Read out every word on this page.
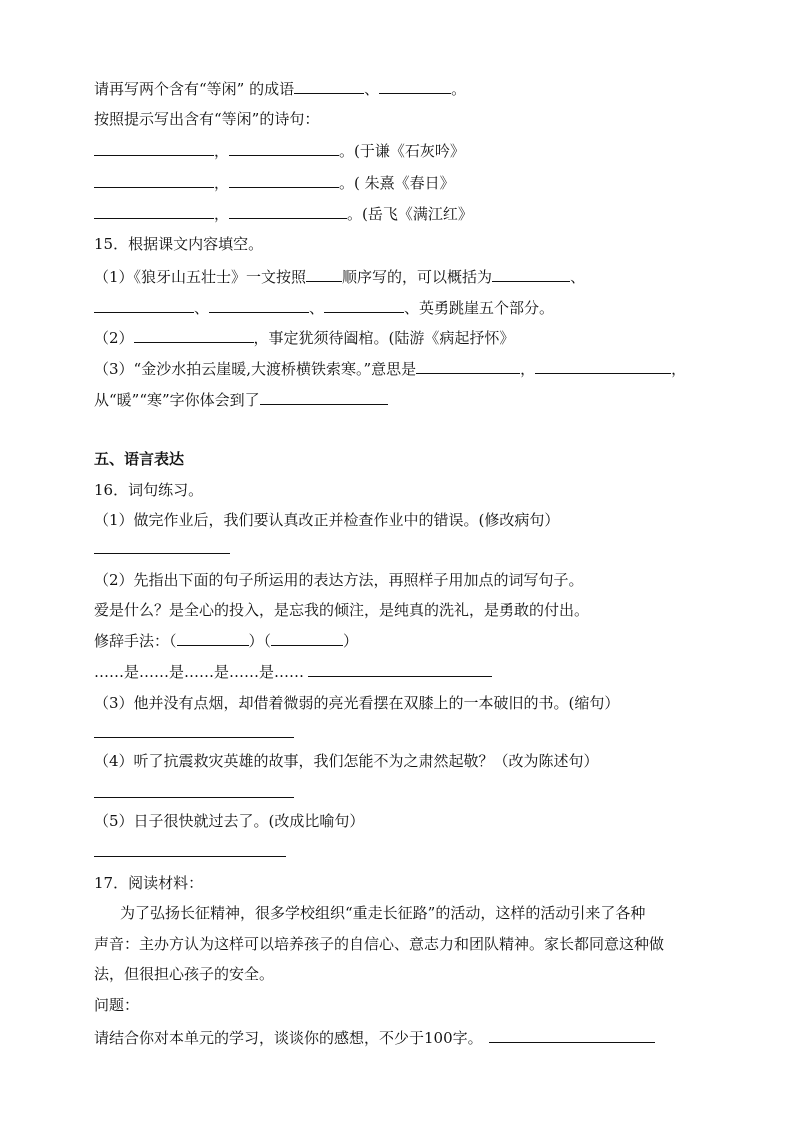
请再写两个含有“等闲” 的成语	、	。
按照提示写出含有“等闲”的诗句：
，	。(于谦《石灰吟》
，	。( 朱熹《春日》
，	。(岳飞《满江红》
15．根据课文内容填空。
（1）《狼牙山五壮士》一文按照 顺序写的，可以概括为	、
、	、	、英勇跳崖五个部分。
（2）	，事定犹须待阖棺。(陆游《病起抒怀》
（3）“金沙水拍云崖暖,大渡桥横铁索寒。”意思是	，	，
从“暖”“寒”字你体会到了
五、语言表达
16．词句练习。
（1）做完作业后，我们要认真改正并检查作业中的错误。(修改病句）
（2）先指出下面的句子所运用的表达方法，再照样子用加点的词写句子。
爱是什么？是全心的投入，是忘我的倾注，是纯真的洗礼，是勇敢的付出。
修辞手法：（	）（	）
……是……是……是……是……
（3）他并没有点烟，却借着微弱的亮光看摆在双膝上的一本破旧的书。(缩句）
（4）听了抗震救灾英雄的故事，我们怎能不为之肃然起敬？（改为陈述句）
（5）日子很快就过去了。(改成比喻句）
17．阅读材料：
为了弘扬长征精神，很多学校组织“重走长征路”的活动，这样的活动引来了各种
声音：主办方认为这样可以培养孩子的自信心、意志力和团队精神。家长都同意这种做
法，但很担心孩子的安全。
问题：
请结合你对本单元的学习，谈谈你的感想，不少于100字。
